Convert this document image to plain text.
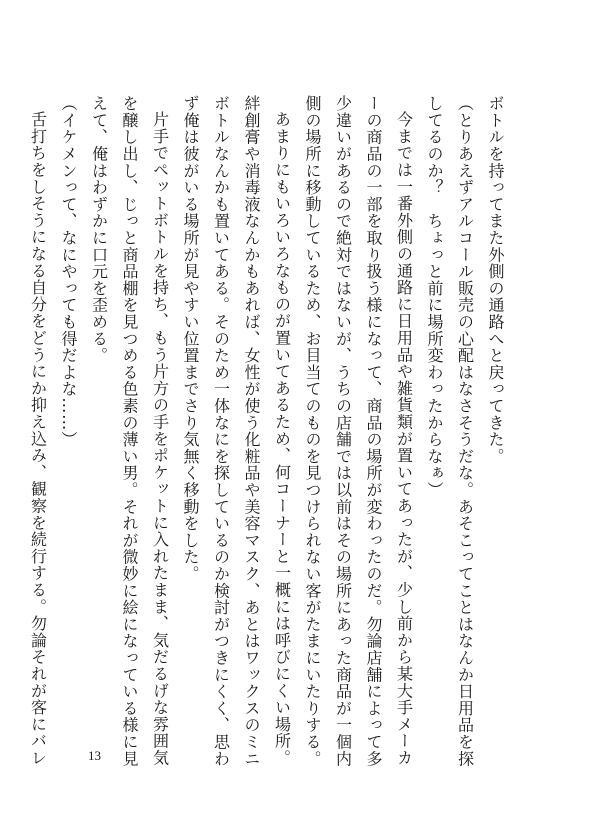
ボトルを持ってまた外側の通路へと戻ってきた。
（とりあえずアルコール販売の心配はなさそうだな。あそこってことはなんか日用品を探
してるのか？　ちょっと前に場所変わったからなぁ）
今までは一番外側の通路に日用品や雑貨類が置いてあったが、少し前から某大手メーカ
ーの商品の一部を取り扱う様になって、商品の場所が変わったのだ。勿論店舗によって多
少違いがあるので絶対ではないが、うちの店舗では以前はその場所にあった商品が一個内
側の場所に移動しているため、お目当てのものを見つけられない客がたまにいたりする。
あまりにもいろいろなものが置いてあるため、何コーナーと一概には呼びにくい場所。
絆創膏や消毒液なんかもあれば、女性が使う化粧品や美容マスク、あとはワックスのミニ
ボトルなんかも置いてある。そのため一体なにを探しているのか検討がつきにくく、思わ
ず俺は彼がいる場所が見やすい位置までさり気無く移動をした。
片手でペットボトルを持ち、もう片方の手をポケットに入れたまま、気だるげな雰囲気
を醸し出し、じっと商品棚を見つめる色素の薄い男。それが微妙に絵になっている様に見
えて、俺はわずかに口元を歪める。
（イケメンって、なにやっても得だよな……）
舌打ちをしそうになる自分をどうにか抑え込み、観察を続行する。勿論それが客にバレ	13
